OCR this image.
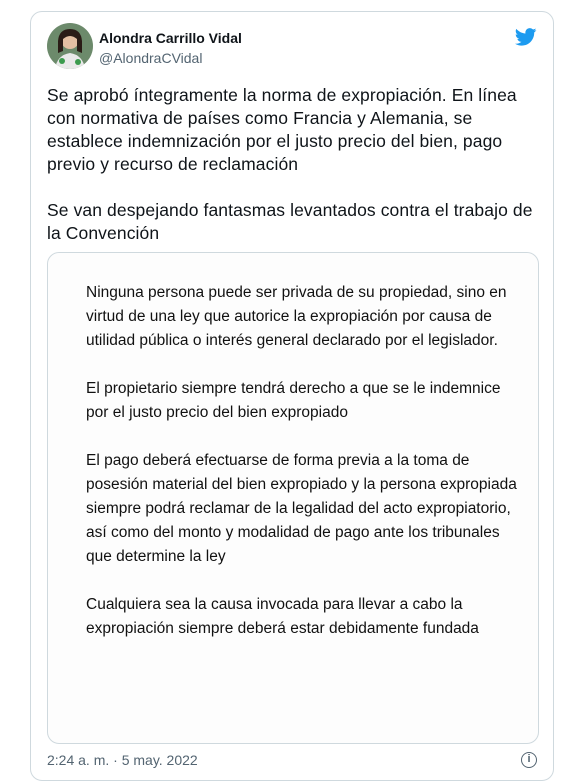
Alondra Carrillo Vidal
@AlondraCVidal

Se aprobó íntegramente la norma de expropiación. En línea con normativa de países como Francia y Alemania, se establece indemnización por el justo precio del bien, pago previo y recurso de reclamación

Se van despejando fantasmas levantados contra el trabajo de la Convención

Ninguna persona puede ser privada de su propiedad, sino en virtud de una ley que autorice la expropiación por causa de utilidad pública o interés general declarado por el legislador.

El propietario siempre tendrá derecho a que se le indemnice por el justo precio del bien expropiado

El pago deberá efectuarse de forma previa a la toma de posesión material del bien expropiado y la persona expropiada siempre podrá reclamar de la legalidad del acto expropiatorio, así como del monto y modalidad de pago ante los tribunales que determine la ley

Cualquiera sea la causa invocada para llevar a cabo la expropiación siempre deberá estar debidamente fundada

2:24 a. m. · 5 may. 2022	i
